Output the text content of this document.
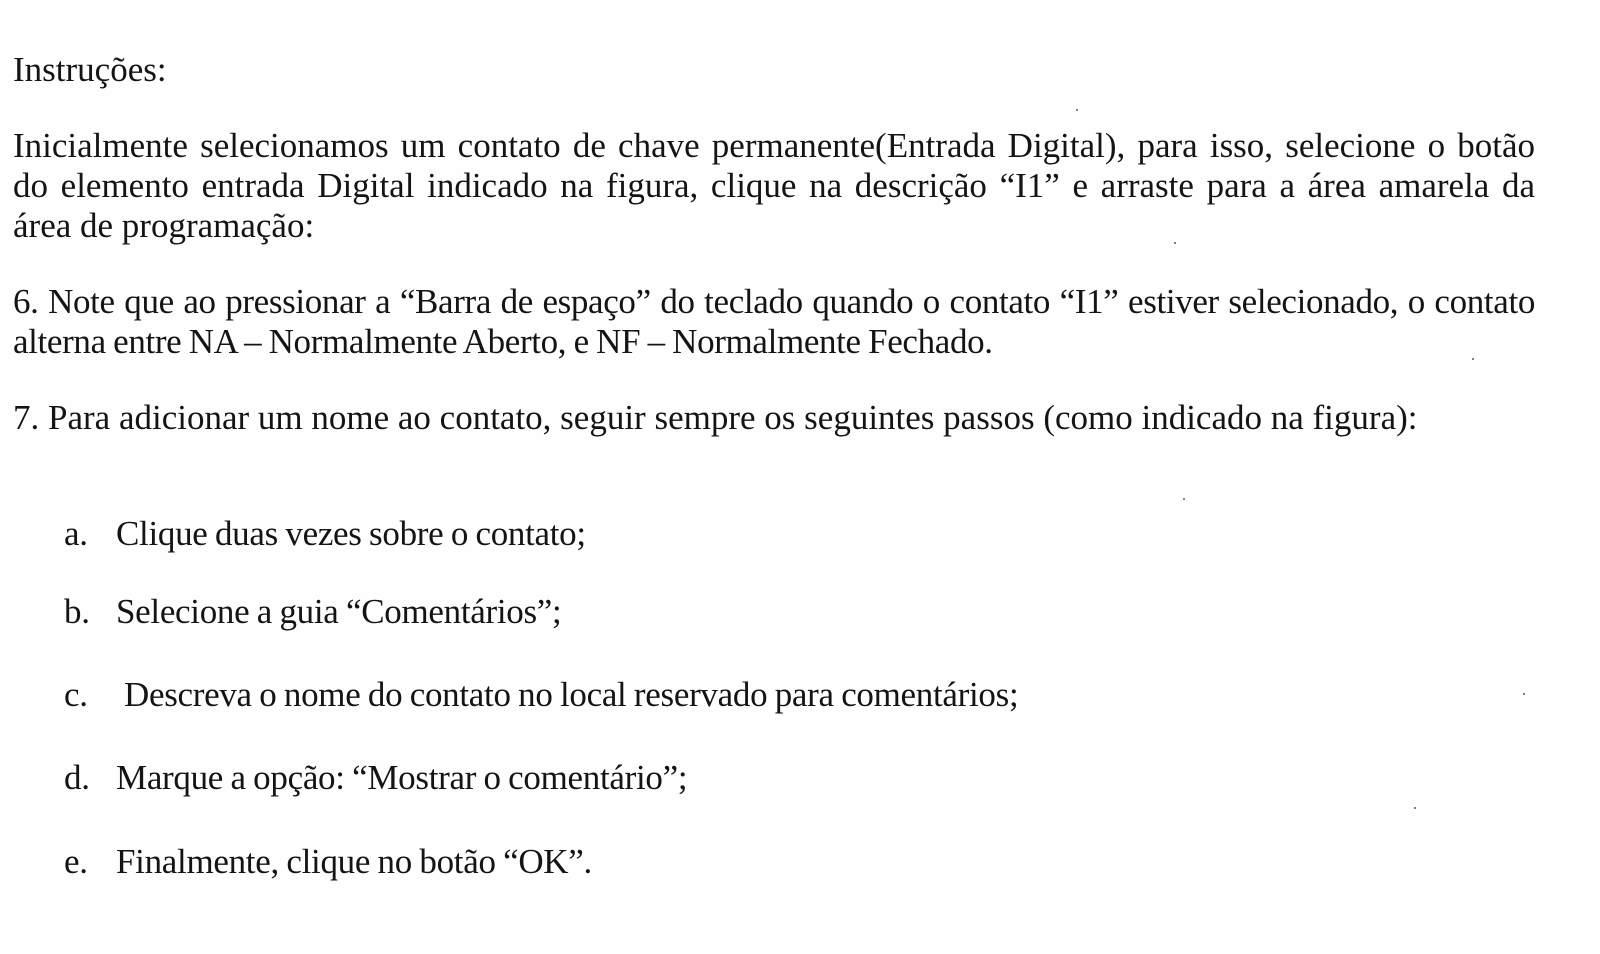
Instruções:

Inicialmente selecionamos um contato de chave permanente(Entrada Digital), para isso, selecione o botão do elemento entrada Digital indicado na figura, clique na descrição “I1” e arraste para a área amarela da área de programação:

6. Note que ao pressionar a “Barra de espaço” do teclado quando o contato “I1” estiver selecionado, o contato alterna entre NA – Normalmente Aberto, e NF – Normalmente Fechado.

7. Para adicionar um nome ao contato, seguir sempre os seguintes passos (como indicado na figura):

a. Clique duas vezes sobre o contato;

b. Selecione a guia “Comentários”;

c. Descreva o nome do contato no local reservado para comentários;

d. Marque a opção: “Mostrar o comentário”;

e. Finalmente, clique no botão “OK”.
